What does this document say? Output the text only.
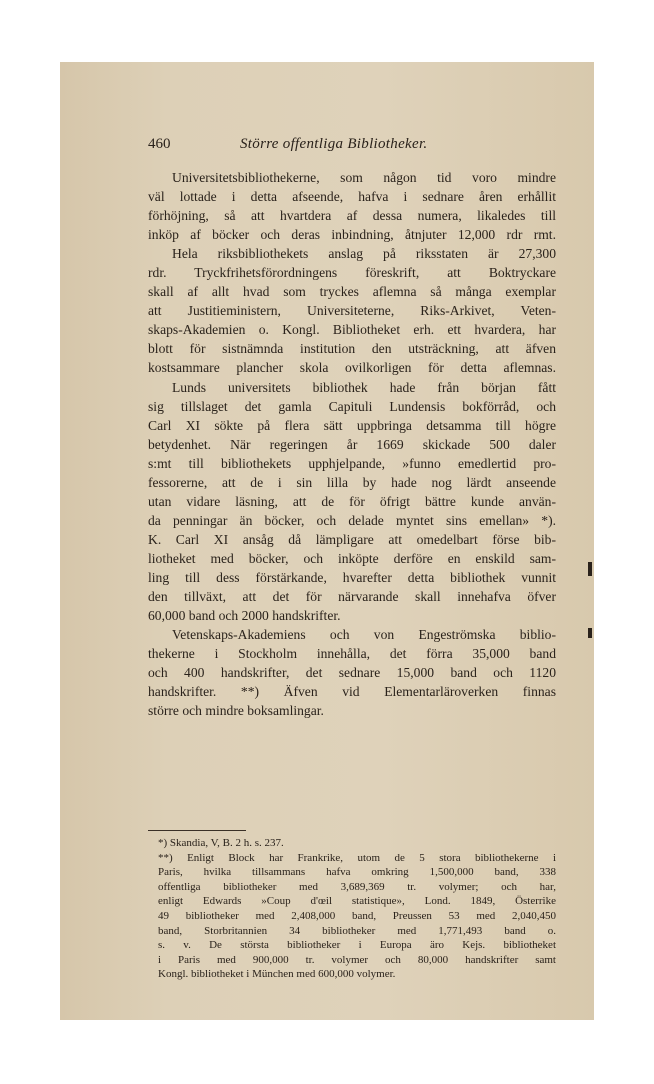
460	Större offentliga Bibliotheker.
Universitetsbibliothekerne, som någon tid voro mindre
väl lottade i detta afseende, hafva i sednare åren erhållit
förhöjning, så att hvartdera af dessa numera, likaledes till
inköp af böcker och deras inbindning, åtnjuter 12,000 rdr rmt.
Hela riksbibliothekets anslag på riksstaten är 27,300
rdr. Tryckfrihetsförordningens föreskrift, att Boktryckare
skall af allt hvad som tryckes aflemna så många exemplar
att Justitieministern, Universiteterne, Riks-Arkivet, Veten-
skaps-Akademien o. Kongl. Bibliotheket erh. ett hvardera, har
blott för sistnämnda institution den utsträckning, att äfven
kostsammare plancher skola ovilkorligen för detta aflemnas.
Lunds universitets bibliothek hade från början fått
sig tillslaget det gamla Capituli Lundensis bokförråd, och
Carl XI sökte på flera sätt uppbringa detsamma till högre
betydenhet. När regeringen år 1669 skickade 500 daler
s:mt till bibliothekets upphjelpande, »funno emedlertid pro-
fessorerne, att de i sin lilla by hade nog lärdt anseende
utan vidare läsning, att de för öfrigt bättre kunde använ-
da penningar än böcker, och delade myntet sins emellan» *).
K. Carl XI ansåg då lämpligare att omedelbart förse bib-
liotheket med böcker, och inköpte derföre en enskild sam-
ling till dess förstärkande, hvarefter detta bibliothek vunnit
den tillväxt, att det för närvarande skall innehafva öfver
60,000 band och 2000 handskrifter.
Vetenskaps-Akademiens och von Engeströmska biblio-
thekerne i Stockholm innehålla, det förra 35,000 band
och 400 handskrifter, det sednare 15,000 band och 1120
handskrifter. **) Äfven vid Elementarläroverken finnas
större och mindre boksamlingar.
*) Skandia, V, B. 2 h. s. 237.
**) Enligt Block har Frankrike, utom de 5 stora bibliothekerne i
Paris, hvilka tillsammans hafva omkring 1,500,000 band, 338
offentliga bibliotheker med 3,689,369 tr. volymer; och har,
enligt Edwards »Coup d'œil statistique», Lond. 1849, Österrike
49 bibliotheker med 2,408,000 band, Preussen 53 med 2,040,450
band, Storbritannien 34 bibliotheker med 1,771,493 band o.
s. v. De största bibliotheker i Europa äro Kejs. bibliotheket
i Paris med 900,000 tr. volymer och 80,000 handskrifter samt
Kongl. bibliotheket i München med 600,000 volymer.
